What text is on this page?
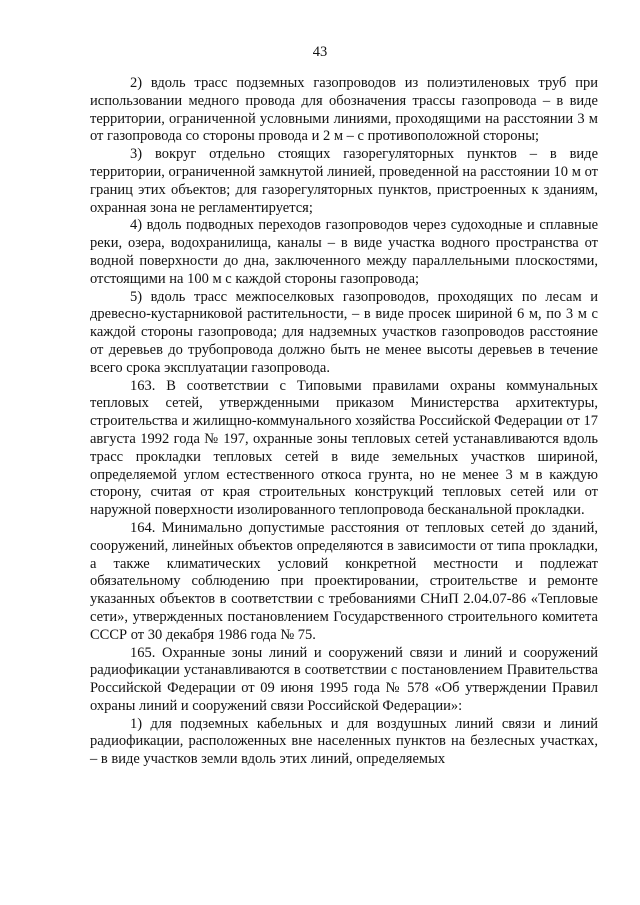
43

2) вдоль трасс подземных газопроводов из полиэтиленовых труб при использовании медного провода для обозначения трассы газопровода – в виде территории, ограниченной условными линиями, проходящими на расстоянии 3 м от газопровода со стороны провода и 2 м – с противоположной стороны;

3) вокруг отдельно стоящих газорегуляторных пунктов – в виде территории, ограниченной замкнутой линией, проведенной на расстоянии 10 м от границ этих объектов; для газорегуляторных пунктов, пристроенных к зданиям, охранная зона не регламентируется;

4) вдоль подводных переходов газопроводов через судоходные и сплавные реки, озера, водохранилища, каналы – в виде участка водного пространства от водной поверхности до дна, заключенного между параллельными плоскостями, отстоящими на 100 м с каждой стороны газопровода;

5) вдоль трасс межпоселковых газопроводов, проходящих по лесам и древесно-кустарниковой растительности, – в виде просек шириной 6 м, по 3 м с каждой стороны газопровода; для надземных участков газопроводов расстояние от деревьев до трубопровода должно быть не менее высоты деревьев в течение всего срока эксплуатации газопровода.

163. В соответствии с Типовыми правилами охраны коммунальных тепловых сетей, утвержденными приказом Министерства архитектуры, строительства и жилищно-коммунального хозяйства Российской Федерации от 17 августа 1992 года № 197, охранные зоны тепловых сетей устанавливаются вдоль трасс прокладки тепловых сетей в виде земельных участков шириной, определяемой углом естественного откоса грунта, но не менее 3 м в каждую сторону, считая от края строительных конструкций тепловых сетей или от наружной поверхности изолированного теплопровода бесканальной прокладки.

164. Минимально допустимые расстояния от тепловых сетей до зданий, сооружений, линейных объектов определяются в зависимости от типа прокладки, а также климатических условий конкретной местности и подлежат обязательному соблюдению при проектировании, строительстве и ремонте указанных объектов в соответствии с требованиями СНиП 2.04.07-86 «Тепловые сети», утвержденных постановлением Государственного строительного комитета СССР от 30 декабря 1986 года № 75.

165. Охранные зоны линий и сооружений связи и линий и сооружений радиофикации устанавливаются в соответствии с постановлением Правительства Российской Федерации от 09 июня 1995 года № 578 «Об утверждении Правил охраны линий и сооружений связи Российской Федерации»:

1) для подземных кабельных и для воздушных линий связи и линий радиофикации, расположенных вне населенных пунктов на безлесных участках, – в виде участков земли вдоль этих линий, определяемых
